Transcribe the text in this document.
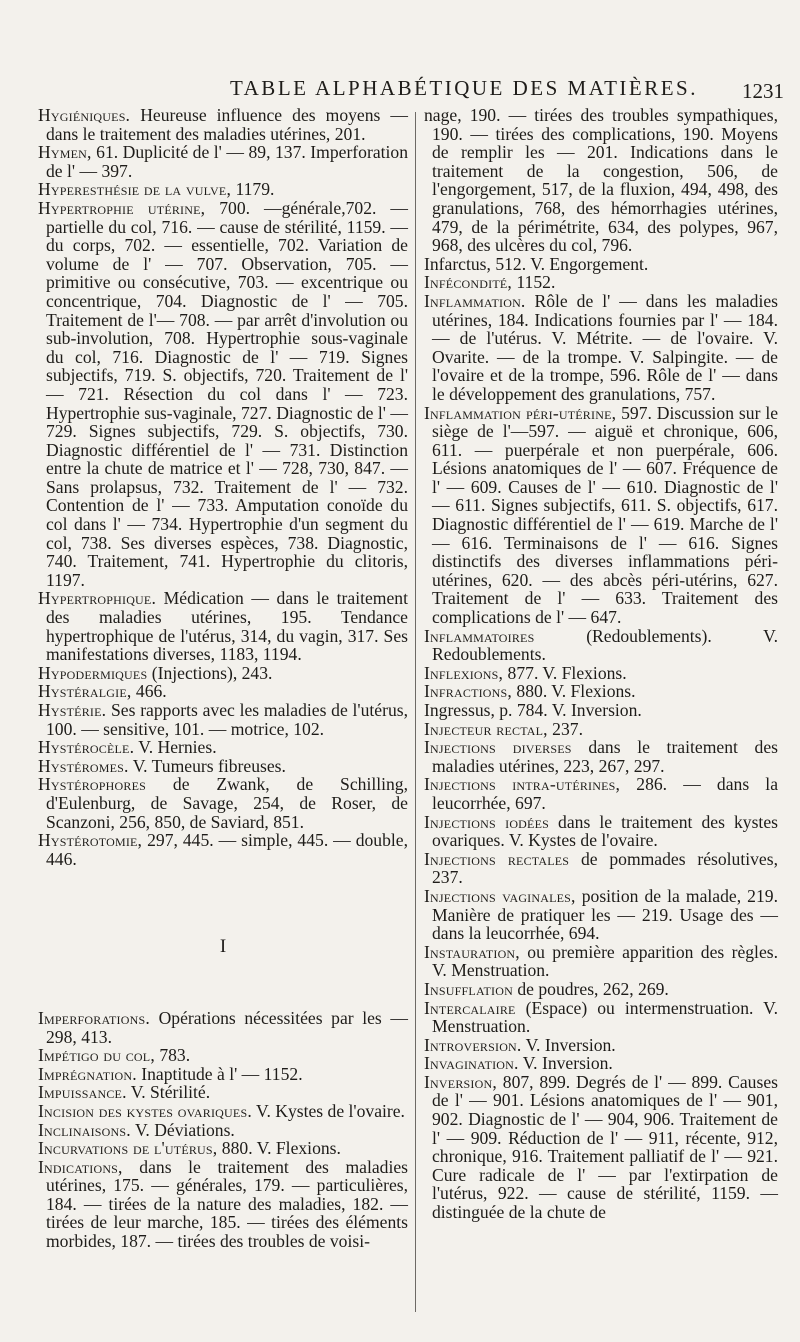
TABLE ALPHABÉTIQUE DES MATIÈRES. 1231

Hygiéniques. Heureuse influence des moyens — dans le traitement des maladies utérines, 201.

Hymen, 61. Duplicité de l' — 89, 137. Imperforation de l' — 397.

Hyperesthésie de la vulve, 1179.

Hypertrophie utérine, 700. —générale,702. — partielle du col, 716. — cause de stérilité, 1159. — du corps, 702. — essentielle, 702. Variation de volume de l' — 707. Observation, 705. — primitive ou consécutive, 703. — excentrique ou concentrique, 704. Diagnostic de l' — 705. Traitement de l'— 708. — par arrêt d'involution ou sub-involution, 708. Hypertrophie sous-vaginale du col, 716. Diagnostic de l' — 719. Signes subjectifs, 719. S. objectifs, 720. Traitement de l' — 721. Résection du col dans l' — 723. Hypertrophie sus-vaginale, 727. Diagnostic de l' — 729. Signes subjectifs, 729. S. objectifs, 730. Diagnostic différentiel de l' — 731. Distinction entre la chute de matrice et l' — 728, 730, 847. — Sans prolapsus, 732. Traitement de l' — 732. Contention de l' — 733. Amputation conoïde du col dans l' — 734. Hypertrophie d'un segment du col, 738. Ses diverses espèces, 738. Diagnostic, 740. Traitement, 741. Hypertrophie du clitoris, 1197.

Hypertrophique. Médication — dans le traitement des maladies utérines, 195. Tendance hypertrophique de l'utérus, 314, du vagin, 317. Ses manifestations diverses, 1183, 1194.

Hypodermiques (Injections), 243.

Hystéralgie, 466.

Hystérie. Ses rapports avec les maladies de l'utérus, 100. — sensitive, 101. — motrice, 102.

Hystérocèle. V. Hernies.

Hystéromes. V. Tumeurs fibreuses.

Hystérophores de Zwank, de Schilling, d'Eulenburg, de Savage, 254, de Roser, de Scanzoni, 256, 850, de Saviard, 851.

Hystérotomie, 297, 445. — simple, 445. — double, 446.

I

Imperforations. Opérations nécessitées par les — 298, 413.

Impétigo du col, 783.

Imprégnation. Inaptitude à l' — 1152.

Impuissance. V. Stérilité.

Incision des kystes ovariques. V. Kystes de l'ovaire.

Inclinaisons. V. Déviations.

Incurvations de l'utérus, 880. V. Flexions.

Indications, dans le traitement des maladies utérines, 175. — générales, 179. — particulières, 184. — tirées de la nature des maladies, 182. — tirées de leur marche, 185. — tirées des éléments morbides, 187. — tirées des troubles de voisi-

nage, 190. — tirées des troubles sympathiques, 190. — tirées des complications, 190. Moyens de remplir les — 201. Indications dans le traitement de la congestion, 506, de l'engorgement, 517, de la fluxion, 494, 498, des granulations, 768, des hémorrhagies utérines, 479, de la périmétrite, 634, des polypes, 967, 968, des ulcères du col, 796.

Infarctus, 512. V. Engorgement.

Infécondité, 1152.

Inflammation. Rôle de l' — dans les maladies utérines, 184. Indications fournies par l' — 184. — de l'utérus. V. Métrite. — de l'ovaire. V. Ovarite. — de la trompe. V. Salpingite. — de l'ovaire et de la trompe, 596. Rôle de l' — dans le développement des granulations, 757.

Inflammation péri-utérine, 597. Discussion sur le siège de l'—597. — aiguë et chronique, 606, 611. — puerpérale et non puerpérale, 606. Lésions anatomiques de l' — 607. Fréquence de l' — 609. Causes de l' — 610. Diagnostic de l' — 611. Signes subjectifs, 611. S. objectifs, 617. Diagnostic différentiel de l' — 619. Marche de l' — 616. Terminaisons de l' — 616. Signes distinctifs des diverses inflammations péri-utérines, 620. — des abcès péri-utérins, 627. Traitement de l' — 633. Traitement des complications de l' — 647.

Inflammatoires	(Redoublements). V. Redoublements.

Inflexions, 877. V. Flexions.

Infractions, 880. V. Flexions.

Ingressus, p. 784. V. Inversion.

Injecteur rectal, 237.

Injections diverses dans le traitement des maladies utérines, 223, 267, 297.

Injections intra-utérines, 286. — dans la leucorrhée, 697.

Injections iodées dans le traitement des kystes ovariques. V. Kystes de l'ovaire.

Injections rectales de pommades résolutives, 237.

Injections vaginales, position de la malade, 219. Manière de pratiquer les — 219. Usage des — dans la leucorrhée, 694.

Instauration, ou première apparition des règles. V. Menstruation.

Insufflation de poudres, 262, 269.

Intercalaire (Espace) ou intermenstruation. V. Menstruation.

Introversion. V. Inversion.

Invagination. V. Inversion.

Inversion, 807, 899. Degrés de l' — 899. Causes de l' — 901. Lésions anatomiques de l' — 901, 902. Diagnostic de l' — 904, 906. Traitement de l' — 909. Réduction de l' — 911, récente, 912, chronique, 916. Traitement palliatif de l' — 921. Cure radicale de l' — par l'extirpation de l'utérus, 922. — cause de stérilité, 1159. — distinguée de la chute de
